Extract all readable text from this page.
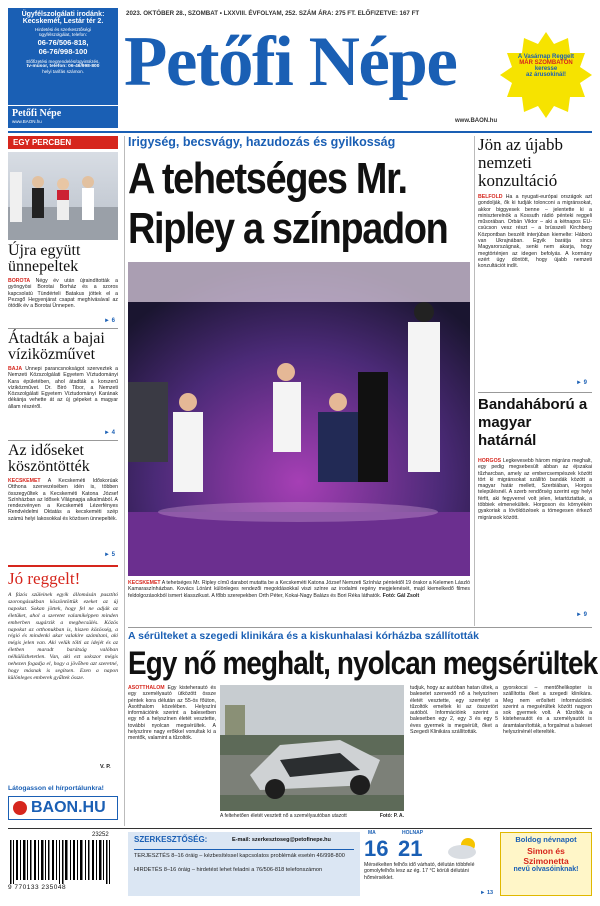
Ügyfélszolgálati irodánk:
Kecskemét, Lestár tér 2.
Hirdetési és szerkesztőségi
ügyfélszolgálat, telefon:
06-76/506-818,
06-76/998-100
Előfizetési megrendelés/ügyintézés,
tv-műsor, telefon: 06-46/998-800
helyi tarifás számon.
Petőfi Népe
www.BAON.hu
2023. OKTÓBER 28., SZOMBAT • LXXVIII. ÉVFOLYAM, 252. SZÁM ÁRA: 275 FT. ELŐFIZETVE: 167 FT
Petőfi Népe
www.BAON.hu
A Vasárnap Reggelt
MÁR SZOMBATON
keresse
az árusokinál!
EGY PERCBEN
Újra együtt ünnepeltek
BOROTA Négy év után újraindították a gyöngyösi Borotai Borház és a szoros kapcsolatú Tündérteli Batakus jöttek el a Pezsgő Hegyenjárat csapat meghívásával az ötödik év a Borotai Ünnepen.
► 6
Átadták a bajai víziközművet
BAJA Ünnepi parancsnokságot szerveztek a Nemzeti Közszolgálati Egyetem Víztudományi Kara épületében, ahol átadták a korszerű víziközművet. Dr. Biró Tibor, a Nemzeti Közszolgálati Egyetem Víztudományi Karának dékánja vehette át az új gépeket a magyar állam részéről.
► 4
Az időseket köszöntötték
KECSKEMÉT A Kecskeméti Időskorúak Otthona szervezésében idén is, többen összegyűltek a Kecskeméti Katona József Színházban az Idősek Világnapja alkalmából. A rendezvényen a Kecskeméti Lézerfényes Rendvédelmi Oktatás a kecskeméti szép számú helyi lakosokkal és közösen ünnepelték.
► 5
Jó reggelt!
A fázós szüleinek egyik állomásán pusztító szorongásukban köszöntöttük ezeket az új napokat. Sokan jöttek, hogy fel ne adják az életüket, ahol a szeretet valamiképpen minden emberben sugárzik a megbecsülés. Közös napokat az otthonukban is, hiszen közösség, a régió és mindenki akar valakire számítani, aki mégis jelen van. Aki velük tölti az idejét és az életben maradt barátság valóban nélkülözhetetlen. Van, aki ezt sokszor mégis nehezen fogadja el, hogy a jövőben azt szeretné, hogy másnak is segítsen. Ezen a napon különleges emberek gyűltek össze.
V. P.
Látogasson el hírportálunkra!
BAON.HU
Irigység, becsvágy, hazudozás és gyilkosság
A tehetséges Mr.
Ripley a színpadon
KECSKEMÉT A tehetséges Mr. Ripley című darabot mutatta be a Kecskeméti Katona József Nemzeti Színház péntektől 19 órakor a Kelemen László Kamaraszínházban. Kovács Lóránt különleges rendezői megoldásokkal viszi színre az irodalmi regény megjelenését, majd kiemelkedő filmes feldolgozásokból ismert klasszikust. A főbb szerepekben Orth Péter, Kokai-Nagy Balázs és Bori Réka láthatók. Fotó: Gál Zsolt
Jön az újabb nemzeti konzultáció
BELFÖLD Ha a nyugati-európai országok azt gondolják, ők ki tudják tolonconi a migránsokat, akkor biggyesek benne – jelentette ki a miniszterelnök a Kossuth rádió pénteki reggeli műsorában. Orbán Viktor – aki a kétnapos EU-csúcson vesz részt – a brüsszeli Kirchberg Központban beszélt interjúban kiemelte: Háború van Ukrajnában. Egyik barátja sincs Magyarországnak, senki nem akarja, hogy megtörténjen az idegen befolyás. A kormány ezért úgy döntött, hogy újabb nemzeti konzultációt indít.
► 9
Bandaháború a magyar határnál
HORGOS Legkevesebb három migráns meghalt, egy pedig megsebesült abban az éjszakai tűzharcban, amely az embercsempészek között tört ki migránsokat szállító bandák között a magyar határ mellett, Szerbiában, Horgos településnél. A szerb rendőrség szerint egy helyi férfit, aki fegyverrel volt jelen, letartóztattak, a többiek elmenekültek. Horgoson és környékén gyakoriak a lövöldözések a tömegesen érkező migránsok között.
► 9
A sérülteket a szegedi klinikára és a kiskunhalasi kórházba szállították
Egy nő meghalt, nyolcan megsérültek
ÁSOTTHALOM Egy kisteherautó és egy személyautó ütközött össze péntek kora délután az 55-ös főúton, Ásotthalom közelében. Helyszíni információink szerint a balesetben egy nő a helyszínen életét vesztette, további nyolcan megsérültek. A helyszínre nagy erőkkel vonultak ki a mentők, valamint a tűzoltók.
A feltehetően életét vesztett nő a személyautóban utazott	Fotó: P. A.
tudjuk, hogy az autóban hatan ültek, a balesetet szenvedő nő a helyszínen életét vesztette, egy személyt a tűzoltók emeltek ki az összetört autóból. Információink szerint a balesetben egy 2, egy 3 és egy 5 éves gyermek is megsérült, őket a Szegedi Klinikára szállították.
gyorskocsi – mentőhelikopter is szállította őket a szegedi klinikára. Meg nem erősített információink szerint a megsérültek között nagyon sok gyermek volt. A tűzoltók a kisteherautót és a személyautót is áramtalanították, a forgalmat a baleset helyszínénél elterelték.
23252
9 770133 235048
SZERKESZTŐSÉG:	E-mail: szerkesztoseg@petofinepe.hu
TERJESZTÉS 8–16 óráig – kézbesítéssel kapcsolatos problémák esetén 46/998-800
HIRDETÉS 8–16 óráig – hirdetést lehet feladni a 76/506-818 telefonszámon
MA	HOLNAP
16 21
Mérsékelten felhős idő várható, délután többfelé gomolyfelhős lesz az ég. 17 °C körüli délutáni hőmérséklet.
► 13
Boldog névnapot
Simon és
Szimonetta
nevű olvasóinknak!
